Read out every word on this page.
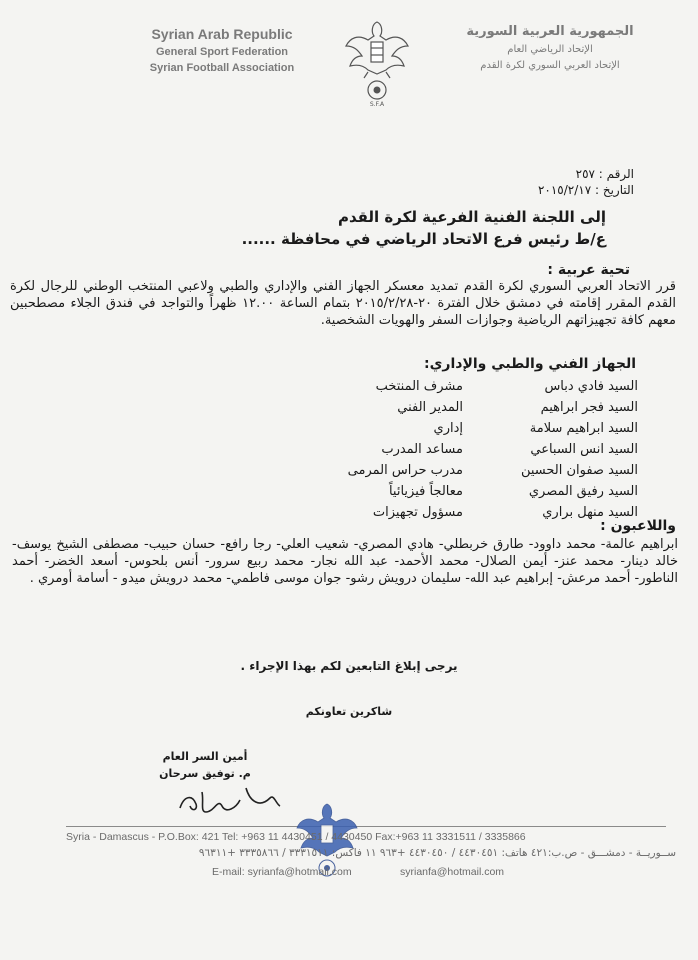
Syrian Arab Republic
General Sport Federation
Syrian Football Association
S.F.A
الجمهورية العربية السورية
الإتحاد الرياضي العام
الإتحاد العربي السوري لكرة القدم
الرقم : ٢٥٧
التاريخ : ٢٠١٥/٢/١٧
إلى اللجنة الفنية الفرعية لكرة القدم
ع/ط رئيس فرع الاتحاد الرياضي في محافظة ......
تحية عربية :
قرر الاتحاد العربي السوري لكرة القدم تمديد معسكر الجهاز الفني والإداري والطبي ولاعبي المنتخب الوطني للرجال لكرة القدم المقرر إقامته في دمشق خلال الفترة ٢٠-٢٠١٥/٢/٢٨ بتمام الساعة ١٢.٠٠ ظهراً والتواجد في فندق الجلاء مصطحبين معهم كافة تجهيزاتهم الرياضية وجوازات السفر والهويات الشخصية.
الجهاز الفني والطبي والإداري:
السيد فادي دباس
مشرف المنتخب
السيد فجر ابراهيم
المدير الفني
السيد ابراهيم سلامة
إداري
السيد انس السباعي
مساعد المدرب
السيد صفوان الحسين
مدرب حراس المرمى
السيد رفيق المصري
معالجاً فيزيائياً
السيد منهل براري
مسؤول تجهيزات
واللاعبون :
ابراهيم عالمة- محمد داوود- طارق خربطلي- هادي المصري- شعيب العلي- رجا رافع- حسان حبيب- مصطفى الشيخ يوسف- خالد دينار- محمد عنز- أيمن الصلال- محمد الأحمد- عبد الله نجار- محمد ربيع سرور- أنس بلحوس- أسعد الخضر- أحمد الناطور- أحمد مرعش- إبراهيم عبد الله- سليمان درويش رشو- جوان موسى فاطمي- محمد درويش ميدو - أسامة أومري .
يرجى إبلاغ التابعين لكم بهذا الإجراء .
شاكرين تعاونكم
أمين السر العام
م. توفيق سرحان
Syria - Damascus - P.O.Box: 421 Tel: +963 11 4430451 / 4430450 Fax:+963 11 3331511 / 3335866
ســوريــة - دمشـــق - ص.ب:٤٢١ هاتف: ٤٤٣٠٤٥١ / ٤٤٣٠٤٥٠ +٩٦٣ ١١ فاكس: ٣٣٣١٥١١ / ٣٣٣٥٨٦٦ +٩٦٣١١
E-mail: syrianfa@hotmail.com	syrianfa@hotmail.com
